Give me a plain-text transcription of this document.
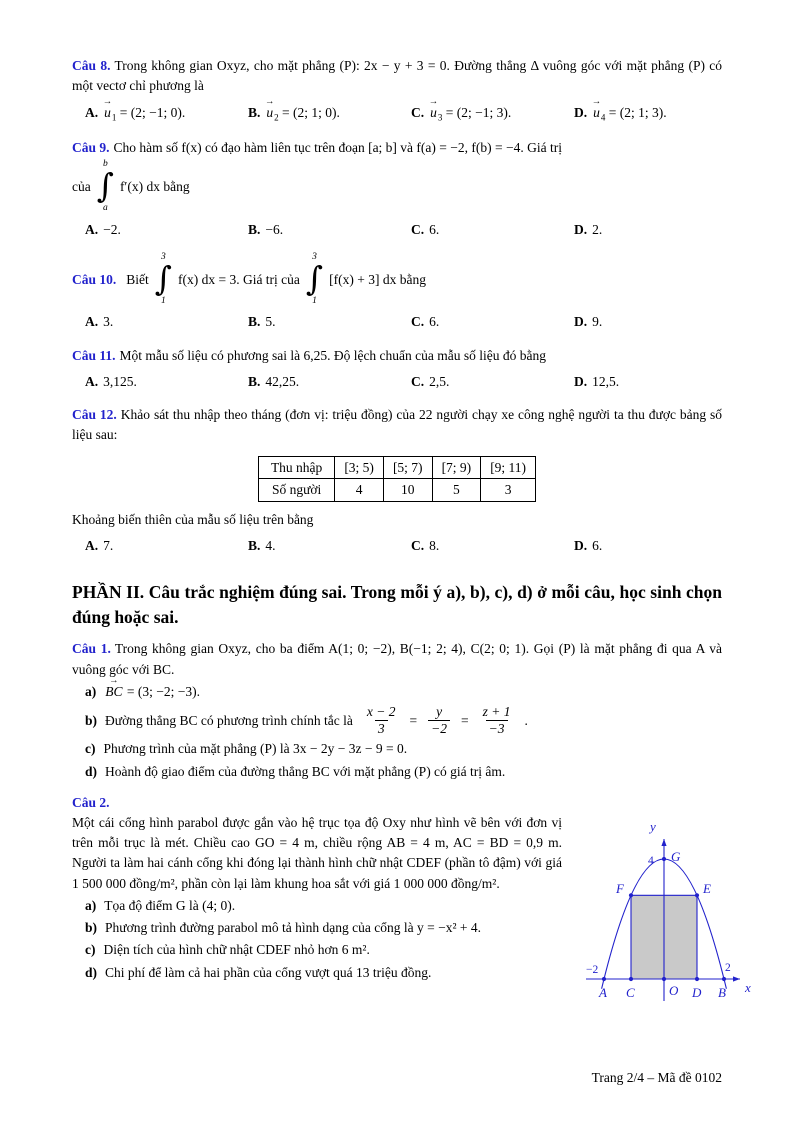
Câu 8. Trong không gian Oxyz, cho mặt phẳng (P): 2x − y + 3 = 0. Đường thẳng Δ vuông góc với mặt phẳng (P) có một vectơ chỉ phương là

A. → $u_1 = (2$; −1; 0).	B. → $u_2 = (2$; 1; 0).	C. → $u_3 = (2$; −1; 3).	D. → $u_4 = (2$; 1; 3).

Câu 9. Cho hàm số f(x) có đạo hàm liên tục trên đoạn [a; b] và f(a) = −2, f(b) = −4. Giá trị

của
b
∫
a
f′(x) dx bằng
A. −2.	B. −6.	C. 6.	D. 2.
Câu 10. Biết
3
∫
1
f(x) dx = 3. Giá trị của
3
∫
1
[f(x) + 3] dx bằng
A. 3.	B. 5.	C. 6.	D. 9.

Câu 11. Một mẫu số liệu có phương sai là 6,25. Độ lệch chuẩn của mẫu số liệu đó bằng

A. 3,125.	B. 42,25.	C. 2,5.	D. 12,5.

Câu 12. Khảo sát thu nhập theo tháng (đơn vị: triệu đồng) của 22 người chạy xe công nghệ người ta thu được bảng số liệu sau:

Thu nhập	[3; 5)	[5; 7)	[7; 9)	[9; 11)
Số người	4	10	5	3

Khoảng biến thiên của mẫu số liệu trên bằng

A. 7.	B. 4.	C. 8.	D. 6.

PHẦN II. Câu trắc nghiệm đúng sai. Trong mỗi ý a), b), c), d) ở mỗi câu, học sinh chọn đúng hoặc sai.

Câu 1. Trong không gian Oxyz, cho ba điểm A(1; 0; −2), B(−1; 2; 4), C(2; 0; 1). Gọi (P) là mặt phẳng đi qua A và vuông góc với BC.

a) → BC = (3; −2; −3).
b) Đường thẳng BC có phương trình chính tắc là $\frac{x - 2}{3} = \frac{y}{-2} = \frac{z + 1}{-3}$ .
c) Phương trình của mặt phẳng (P) là 3x − 2y − 3z − 9 = 0.
d) Hoành độ giao điểm của đường thẳng BC với mặt phẳng (P) có giá trị âm.

Câu 2.

Một cái cổng hình parabol được gắn vào hệ trục tọa độ Oxy như hình vẽ bên với đơn vị trên mỗi trục là mét. Chiều cao GO = 4 m, chiều rộng AB = 4 m, AC = BD = 0,9 m. Người ta làm hai cánh cổng khi đóng lại thành hình chữ nhật CDEF (phần tô đậm) với giá 1 500 000 đồng/m², phần còn lại làm khung hoa sắt với giá 1 000 000 đồng/m².

a) Tọa độ điểm G là (4; 0).
b) Phương trình đường parabol mô tả hình dạng của cổng là y = −x² + 4.
c) Diện tích của hình chữ nhật CDEF nhỏ hơn 6 m².
d) Chi phí để làm cả hai phần của cổng vượt quá 13 triệu đồng.
y
x
G
F	E
A C	O D B
4
−2	2

Trang 2/4 – Mã đề 0102
